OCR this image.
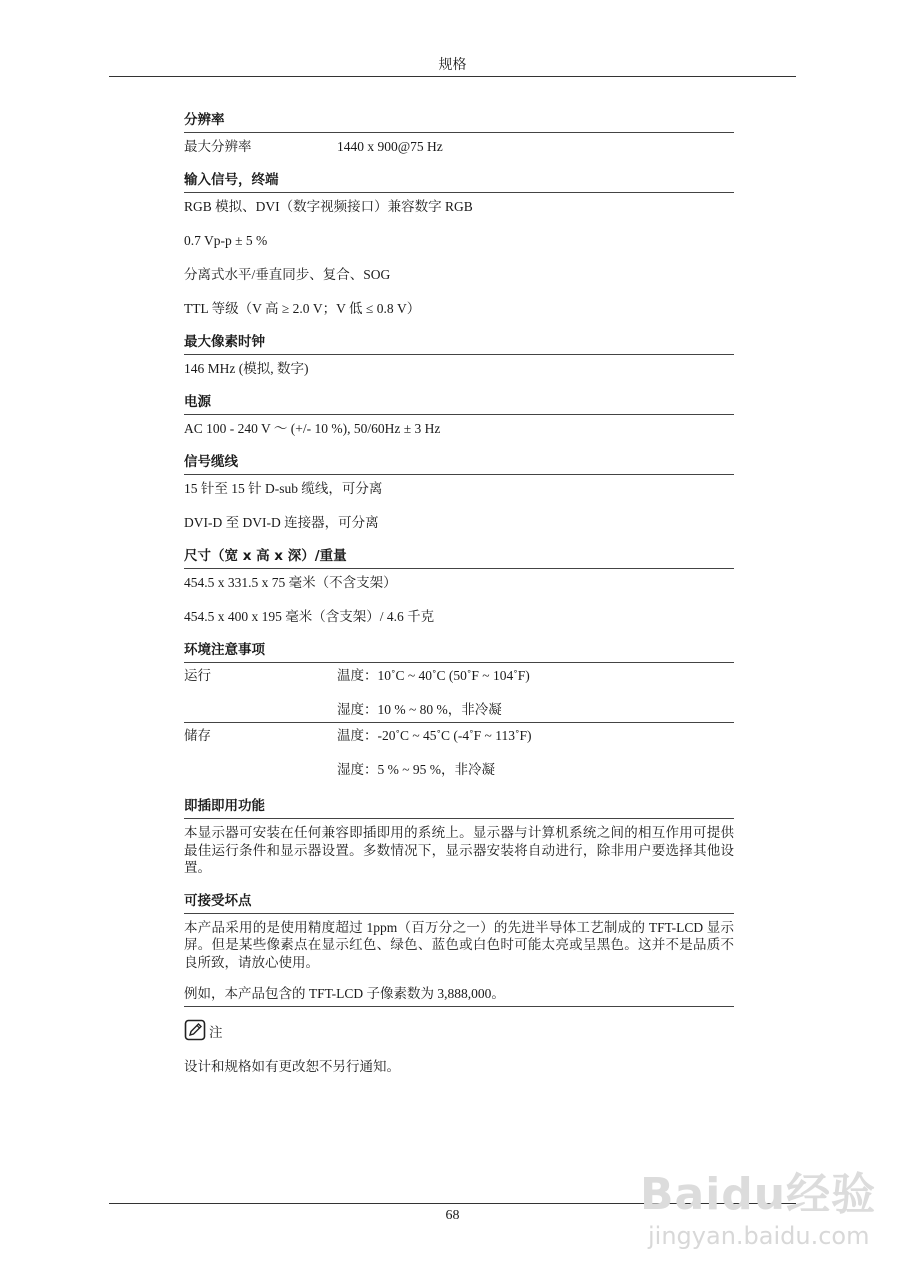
规格
分辨率
最大分辨率	1440 x 900@75 Hz
输入信号，终端
RGB 模拟、DVI（数字视频接口）兼容数字 RGB
0.7 Vp-p ± 5 %
分离式水平/垂直同步、复合、SOG
TTL 等级（V 高 ≥ 2.0 V；V 低 ≤ 0.8 V）
最大像素时钟
146 MHz (模拟, 数字)
电源
AC 100 - 240 V ～ (+/- 10 %), 50/60Hz ± 3 Hz
信号缆线
15 针至 15 针 D-sub 缆线，可分离
DVI-D 至 DVI-D 连接器，可分离
尺寸（宽 x 高 x 深）/重量
454.5 x 331.5 x 75 毫米（不含支架）
454.5 x 400 x 195 毫米（含支架）/ 4.6 千克
环境注意事项
运行	温度：10˚C ~ 40˚C (50˚F ~ 104˚F)
湿度：10 % ~ 80 %，非冷凝
储存	温度：-20˚C ~ 45˚C (-4˚F ~ 113˚F)
湿度：5 % ~ 95 %，非冷凝
即插即用功能
本显示器可安装在任何兼容即插即用的系统上。显示器与计算机系统之间的相互作用可提供最佳运行条件和显示器设置。多数情况下，显示器安装将自动进行，除非用户要选择其他设置。
可接受坏点
本产品采用的是使用精度超过 1ppm（百万分之一）的先进半导体工艺制成的 TFT-LCD 显示屏。但是某些像素点在显示红色、绿色、蓝色或白色时可能太亮或呈黑色。这并不是品质不良所致，请放心使用。
例如，本产品包含的 TFT-LCD 子像素数为 3,888,000。
注
设计和规格如有更改恕不另行通知。
68	Baidu经验
jingyan.baidu.com
